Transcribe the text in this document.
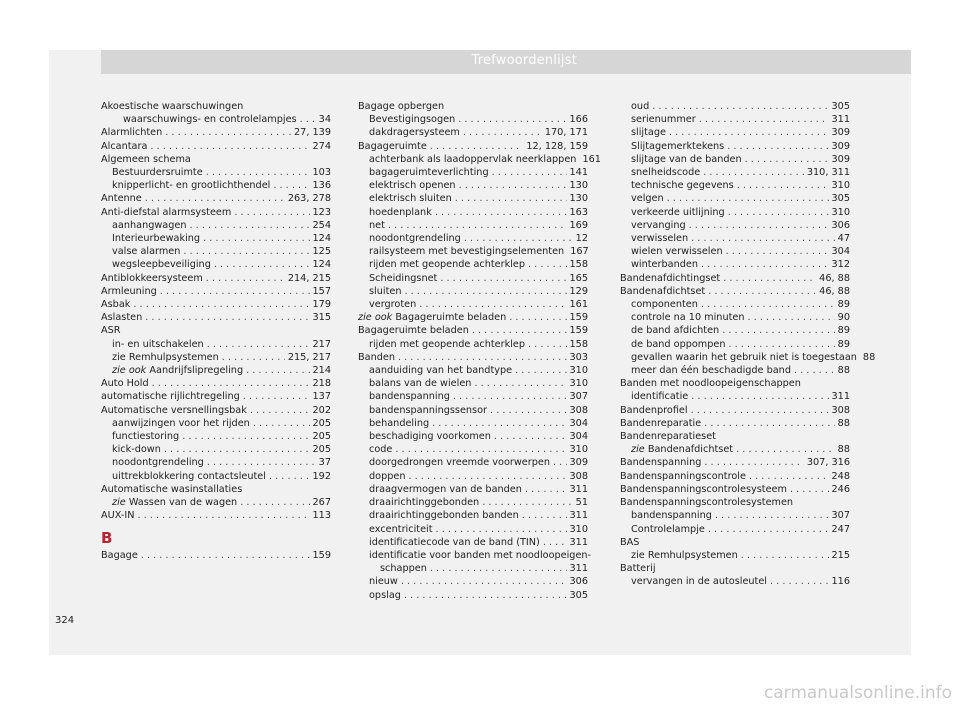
Trefwoordenlijst
Akoestische waarschuwingen
waarschuwings- en controlelampjes . . . 34
Alarmlichten . . .	27, 139
Alcantara . . .	274
Algemeen schema
Bestuurdersruimte . . .	103
knipperlicht- en grootlichthendel . . .	136
Antenne . . .	263, 278
Anti-diefstal alarmsysteem . . .	123
aanhangwagen . . .	254
Interieurbewaking . . .	124
valse alarmen . . .	125
wegsleepbeveiliging . . .	124
Antiblokkeersysteem . . .	214, 215
Armleuning . . .	157
Asbak . . .	179
Aslasten . . .	315
ASR
in- en uitschakelen . . .	217
zie Remhulpsystemen . . .	215, 217
zie ook Aandrijfslipregeling . . .	214
Auto Hold . . .	218
automatische rijlichtregeling . . .	137
Automatische versnellingsbak . . .	202
aanwijzingen voor het rijden . . .	205
functiestoring . . .	205
kick-down . . .	205
noodontgrendeling . . .	37
uittrekblokkering contactsleutel . . .	192
Automatische wasinstallaties
zie Wassen van de wagen . . .	267
AUX-IN . . .	113
B
Bagage . . .	159
Bagage opbergen
Bevestigingsogen . . .	166
dakdragersysteem . . .	170, 171
Bagageruimte . . .	12, 128, 159
achterbank als laadoppervlak neerklappen 161
bagageruimteverlichting . . .	141
elektrisch openen . . .	130
elektrisch sluiten . . .	130
hoedenplank . . .	163
net . . .	169
noodontgrendeling . . .	12
railsysteem met bevestigingselementen 167
rijden met geopende achterklep . . .	158
Scheidingsnet . . .	165
sluiten . . .	129
vergroten . . .	161
zie ook Bagageruimte beladen . . .	159
Bagageruimte beladen . . .	159
rijden met geopende achterklep . . .	158
Banden . . .	303
aanduiding van het bandtype . . .	310
balans van de wielen . . .	310
bandenspanning . . .	307
bandenspanningssensor . . .	308
behandeling . . .	304
beschadiging voorkomen . . .	304
code . . .	310
doorgedrongen vreemde voorwerpen . . . 309
doppen . . .	308
draagvermogen van de banden . . .	311
draairichtinggebonden . . .	51
draairichtinggebonden banden . . .	311
excentriciteit . . .	310
identificatiecode van de band (TIN) . . .	311
identificatie voor banden met noodloopeigen-
schappen . . .	311
nieuw . . .	306
opslag . . .	305
oud . . .	305
serienummer . . .	311
slijtage . . .	309
Slijtagemerktekens . . .	309
slijtage van de banden . . .	309
snelheidscode . . .	310, 311
technische gegevens . . .	310
velgen . . .	305
verkeerde uitlijning . . .	310
vervanging . . .	306
verwisselen . . .	47
wielen verwisselen . . .	304
winterbanden . . .	312
Bandenafdichtingset . . .	46, 88
Bandenafdichtset . . .	46, 88
componenten . . .	89
controle na 10 minuten . . .	90
de band afdichten . . .	89
de band oppompen . . .	89
gevallen waarin het gebruik niet is toegestaan 88
meer dan één beschadigde band . . .	88
Banden met noodloopeigenschappen
identificatie . . .	311
Bandenprofiel . . .	308
Bandenreparatie . . .	88
Bandenreparatieset
zie Bandenafdichtset . . .	88
Bandenspanning . . .	307, 316
Bandenspanningscontrole . . .	248
Bandenspanningscontrolesysteem . . .	246
Bandenspanningscontrolesystemen
bandenspanning . . .	307
Controlelampje . . .	247
BAS
zie Remhulpsystemen . . .	215
Batterij
vervangen in de autosleutel . . .	116
324
carmanualsonline.info
